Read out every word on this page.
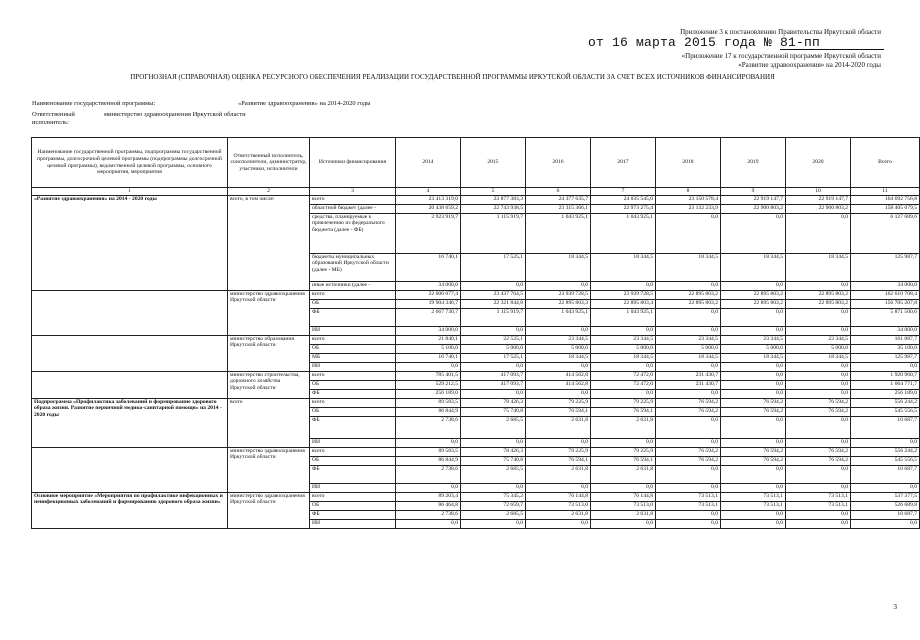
Приложение 3 к постановлению Правительства Иркутской области
от 16 марта 2015 года № 81-пп
«Приложение 17 к государственной программе Иркутской области
«Развитие здравоохранения» на 2014-2020 годы
ПРОГНОЗНАЯ (СПРАВОЧНАЯ) ОЦЕНКА РЕСУРСНОГО ОБЕСПЕЧЕНИЯ РЕАЛИЗАЦИИ ГОСУДАРСТВЕННОЙ ПРОГРАММЫ ИРКУТСКОЙ ОБЛАСТИ ЗА СЧЕТ ВСЕХ ИСТОЧНИКОВ ФИНАНСИРОВАНИЯ
Наименование государственной программы:	«Развитие здравоохранения» на 2014-2020 годы
Ответственный исполнитель:
министерство здравоохранения Иркутской области
Наименование государственной программы, подпрограммы государственной программы, долгосрочной целевой программы (подпрограммы долгосрочной целевой программы), ведомственной целевой программы, основного мероприятия, мероприятия	Ответственный исполнитель, соисполнители, администратор, участники, исполнители	Источники финансирования	2014	2015	2016	2017	2018	2019	2020	Всего
1	2	3	4	5	6	7	8	9	10	11
«Развитие здравоохранения» на 2014 - 2020 годы	всего, в том числе:	всего	23 413 319,0	23 877 383,3	24 377 635,7	24 035 545,0	23 150 578,4	22 919 147,7	22 919 147,7	164 692 756,8
		областной бюджет (далее -	20 438 659,2	22 743 938,5	23 315 366,1	22 973 275,4	23 132 233,9	22 900 803,2	22 900 803,2	158 405 079,5
		средства, планируемые к привлечению из федерального бюджета (далее - ФБ)	2 923 919,7	1 115 919,7	1 043 925,1	1 043 925,1	0,0	0,0	0,0	6 127 689,6
		бюджеты муниципальных образований Иркутской области (далее - МБ)	16 740,1	17 525,1	18 344,5	18 344,5	18 344,5	18 344,5	18 344,5	125 987,7
		иные источники (далее -	34 000,0	0,0	0,0	0,0	0,0	0,0	0,0	34 000,0
	министерство здравоохранения Иркутской области	всего	22 606 077,4	23 437 764,5	23 939 728,5	23 939 728,5	22 895 803,2	22 895 803,2	22 895 803,2	162 610 708,4
		ОБ	19 904 346,7	22 321 844,8	22 895 803,3	22 895 803,4	22 895 803,2	22 895 803,2	22 895 803,2	156 705 207,8
		ФБ	2 667 730,7	1 115 919,7	1 043 925,1	1 043 925,1	0,0	0,0	0,0	5 871 500,6
		ИИ	34 000,0	0,0	0,0	0,0	0,0	0,0	0,0	34 000,0
	министерство образования Иркутской области	всего	21 840,1	22 525,1	23 344,5	23 344,5	23 344,5	23 344,5	23 344,5	161 087,7
		ОБ	5 100,0	5 000,0	5 000,0	5 000,0	5 000,0	5 000,0	5 000,0	35 100,0
		МБ	16 740,1	17 525,1	18 344,5	18 344,5	18 344,5	18 344,5	18 344,5	125 987,7
		ИИ	0,0	0,0	0,0	0,0	0,0	0,0	0,0	0,0
	министерство строительства, дорожного хозяйства Иркутской области	всего	785 401,5	417 093,7	414 562,8	72 472,0	231 430,7	0,0	0,0	1 920 960,7
		ОБ	529 212,5	417 093,7	414 562,8	72 472,0	231 430,7	0,0	0,0	1 664 771,7
		ФБ	256 189,0	0,0	0,0	0,0	0,0	0,0	0,0	256 189,0
Подпрограмма «Профилактика заболеваний и формирование здорового образа жизни. Развитие первичной медико-санитарной помощи» на 2014 - 2020 годы	всего	всего	89 583,5	78 426,3	79 225,9	79 225,9	76 594,2	76 594,2	76 594,2	556 244,2
		ОБ	86 844,9	75 740,8	76 594,1	76 594,1	76 594,2	76 594,2	76 594,2	545 556,5
		ФБ	2 738,6	2 685,5	2 631,8	2 631,8	0,0	0,0	0,0	10 687,7
		ИИ	0,0	0,0	0,0	0,0	0,0	0,0	0,0	0,0
	министерство здравоохранения Иркутской области	всего	89 583,5	78 426,3	79 225,9	79 225,9	76 594,2	76 594,2	76 594,2	556 244,2
		ОБ	86 844,9	75 740,8	76 594,1	76 594,1	76 594,2	76 594,2	76 594,2	545 556,5
		ФБ	2 738,6	2 685,5	2 631,8	2 631,8	0,0	0,0	0,0	10 687,7
		ИИ	0,0	0,0	0,0	0,0	0,0	0,0	0,0	0,0
Основное мероприятие «Мероприятия по профилактике инфекционных и неинфекционных заболеваний и формированию здорового образа жизни»	министерство здравоохранения Иркутской области	всего	89 203,4	75 345,2	76 144,8	76 144,8	73 513,1	73 513,1	73 513,1	537 377,5
		ОБ	86 464,8	72 659,7	73 513,0	73 513,0	73 513,1	73 513,1	73 513,1	526 689,8
		ФБ	2 738,6	2 685,5	2 631,8	2 631,8	0,0	0,0	0,0	10 687,7
		ИИ	0,0	0,0	0,0	0,0	0,0	0,0	0,0	0,0
3
